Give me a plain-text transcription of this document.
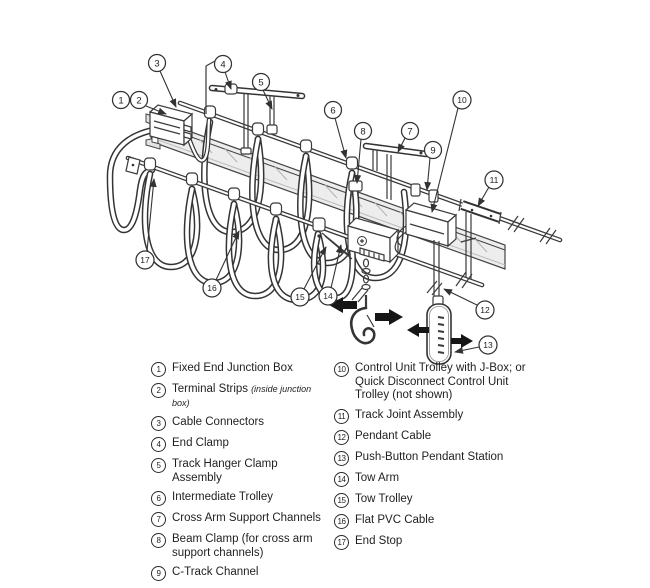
1 2
3	4
5
6
7
8
9
10
11
12
13
14
15
16
17
1 Fixed End Junction Box
2 Terminal Strips (inside junction box)
3 Cable Connectors
4 End Clamp
5 Track Hanger Clamp Assembly
6 Intermediate Trolley
7 Cross Arm Support Channels
8 Beam Clamp (for cross arm support channels)
9 C-Track Channel
10 Control Unit Trolley with J-Box; or Quick Disconnect Control Unit Trolley (not shown)
11 Track Joint Assembly
12 Pendant Cable
13 Push-Button Pendant Station
14 Tow Arm
15 Tow Trolley
16 Flat PVC Cable
17 End Stop
